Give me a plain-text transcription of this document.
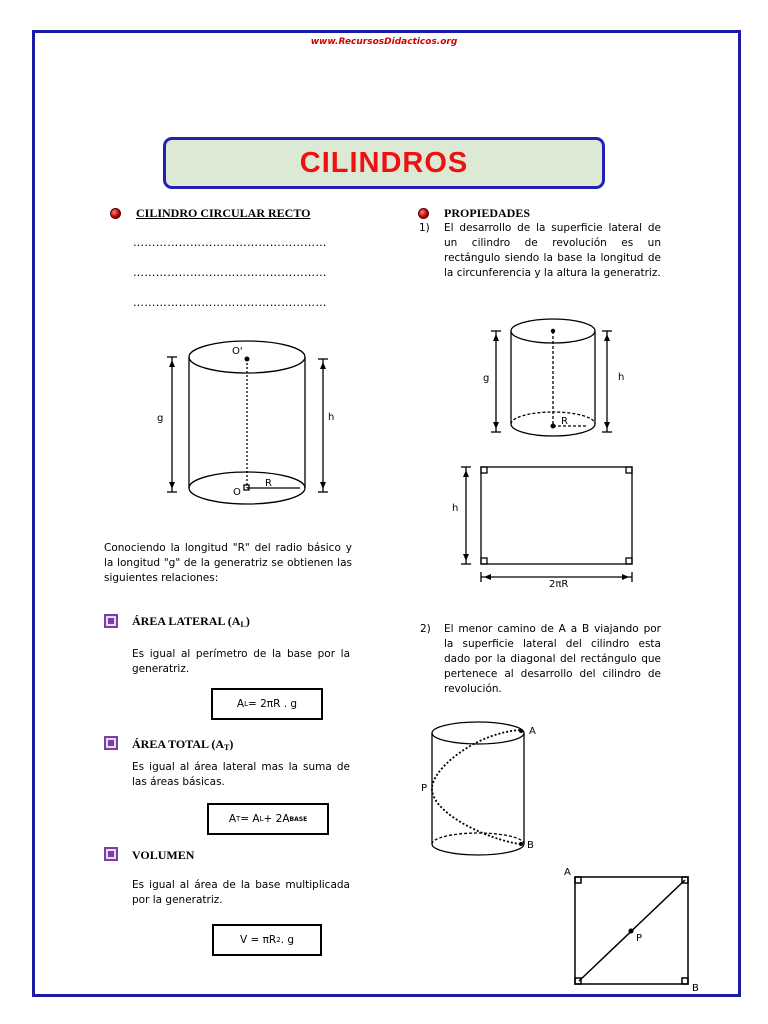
www.RecursosDidacticos.org
CILINDROS
CILINDRO CIRCULAR RECTO
……………………………………………
……………………………………………
……………………………………………
O'
O
R
g	h
Conociendo la longitud "R" del radio básico y la longitud "g" de la generatriz se obtienen las siguientes relaciones:
ÁREA LATERAL (AL)
Es igual al perímetro de la base por la generatriz.
A L = 2πR . g
ÁREA TOTAL (AT)
Es igual al área lateral mas la suma de las áreas básicas.
A T = A L + 2A BASE
VOLUMEN
Es igual al área de la base multiplicada por la generatriz.
V = πR 2 . g
PROPIEDADES
1) El desarrollo de la superficie lateral de un cilindro de revolución es un rectángulo siendo la base la longitud de la circunferencia y la altura la generatriz.
g	h
R
h
2πR
2) El menor camino de A a B viajando por la superficie lateral del cilindro esta dado por la diagonal del rectángulo que pertenece al desarrollo del cilindro de revolución.
A
B
P
A
B
P
